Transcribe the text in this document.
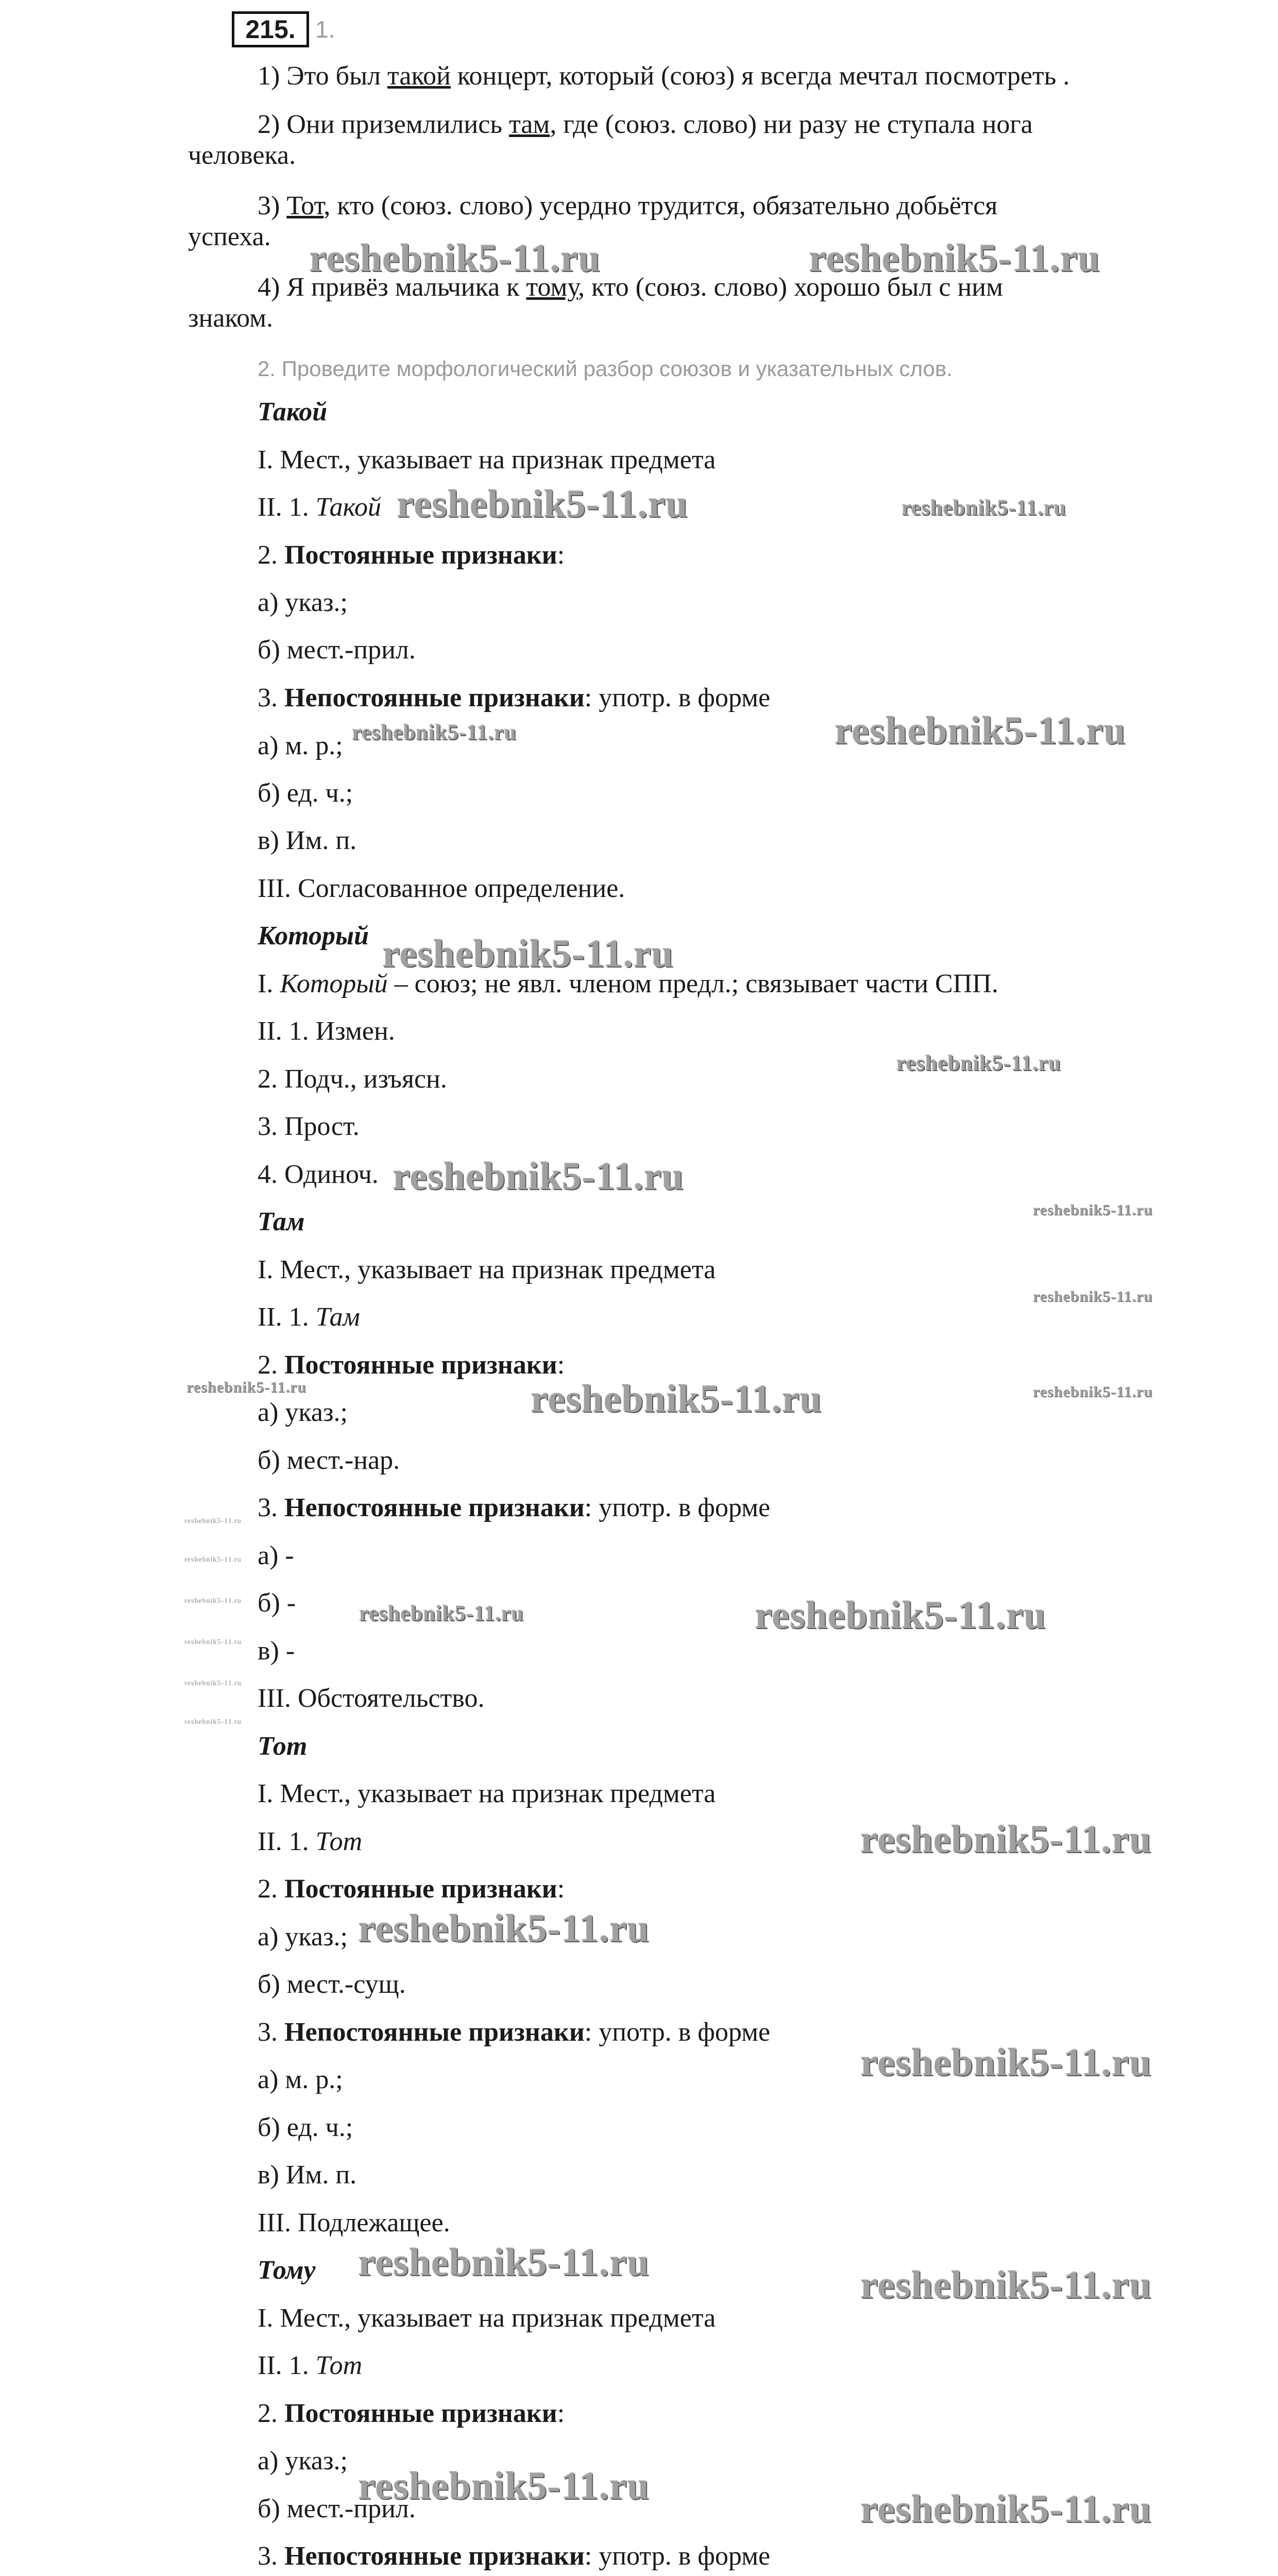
215. 1.
1) Это был такой концерт, который (союз) я всегда мечтал посмотреть .
2) Они приземлились там, где (союз. слово) ни разу не ступала нога
человека.
3) Тот, кто (союз. слово) усердно трудится, обязательно добьётся
успеха.
4) Я привёз мальчика к тому, кто (союз. слово) хорошо был с ним
знаком.
2. Проведите морфологический разбор союзов и указательных слов.
Такой
I. Мест., указывает на признак предмета
II. 1. Такой
2. Постоянные признаки:
а) указ.;
б) мест.-прил.
3. Непостоянные признаки: употр. в форме
а) м. р.;
б) ед. ч.;
в) Им. п.
III. Согласованное определение.
Который
I. Который – союз; не явл. членом предл.; связывает части СПП.
II. 1. Измен.
2. Подч., изъясн.
3. Прост.
4. Одиноч.
Там
I. Мест., указывает на признак предмета
II. 1. Там
2. Постоянные признаки:
а) указ.;
б) мест.-нар.
3. Непостоянные признаки: употр. в форме
а) -
б) -
в) -
III. Обстоятельство.
Тот
I. Мест., указывает на признак предмета
II. 1. Тот
2. Постоянные признаки:
а) указ.;
б) мест.-сущ.
3. Непостоянные признаки: употр. в форме
а) м. р.;
б) ед. ч.;
в) Им. п.
III. Подлежащее.
Тому
I. Мест., указывает на признак предмета
II. 1. Тот
2. Постоянные признаки:
а) указ.;
б) мест.-прил.
3. Непостоянные признаки: употр. в форме
reshebnik5-11.ru	reshebnik5-11.ru
reshebnik5-11.ru	reshebnik5-11.ru
reshebnik5-11.ru	reshebnik5-11.ru
reshebnik5-11.ru
reshebnik5-11.ru
reshebnik5-11.ru
reshebnik5-11.ru
reshebnik5-11.ru
reshebnik5-11.ru	reshebnik5-11.ru	reshebnik5-11.ru
reshebnik5-11.ru
reshebnik5-11.ru
reshebnik5-11.ru
reshebnik5-11.ru
reshebnik5-11.ru
reshebnik5-11.ru
reshebnik5-11.ru	reshebnik5-11.ru
reshebnik5-11.ru
reshebnik5-11.ru
reshebnik5-11.ru
reshebnik5-11.ru
reshebnik5-11.ru
reshebnik5-11.ru
reshebnik5-11.ru
